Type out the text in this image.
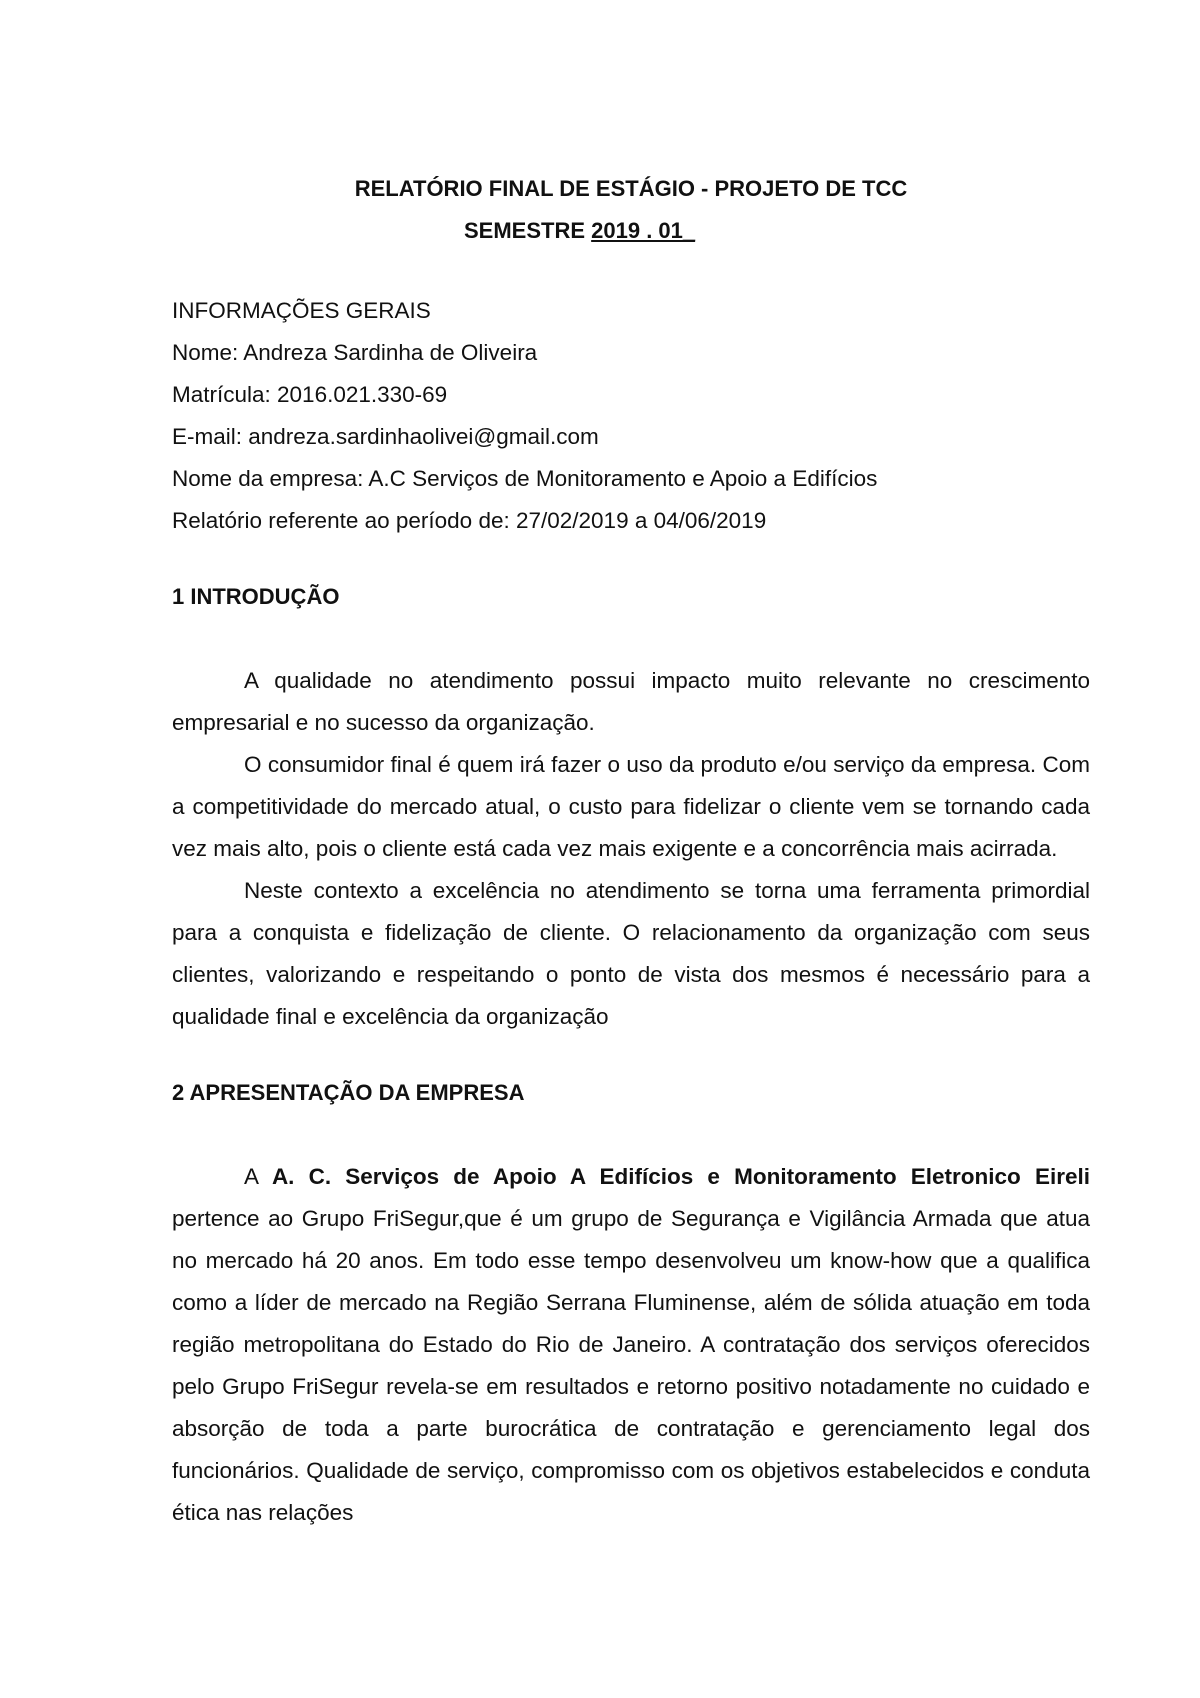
RELATÓRIO FINAL DE ESTÁGIO - PROJETO DE TCC

SEMESTRE 2019 . 01_

INFORMAÇÕES GERAIS

Nome: Andreza Sardinha de Oliveira

Matrícula: 2016.021.330-69

E-mail: andreza.sardinhaolivei@gmail.com

Nome da empresa: A.C Serviços de Monitoramento e Apoio a Edifícios

Relatório referente ao período de: 27/02/2019 a 04/06/2019

1 INTRODUÇÃO

A qualidade no atendimento possui impacto muito relevante no crescimento empresarial e no sucesso da organização.

O consumidor final é quem irá fazer o uso da produto e/ou serviço da empresa. Com a competitividade do mercado atual, o custo para fidelizar o cliente vem se tornando cada vez mais alto, pois o cliente está cada vez mais exigente e a concorrência mais acirrada.

Neste contexto a excelência no atendimento se torna uma ferramenta primordial para a conquista e fidelização de cliente. O relacionamento da organização com seus clientes, valorizando e respeitando o ponto de vista dos mesmos é necessário para a qualidade final e excelência da organização

2 APRESENTAÇÃO DA EMPRESA

A A. C. Serviços de Apoio A Edifícios e Monitoramento Eletronico Eireli pertence ao Grupo FriSegur,que é um grupo de Segurança e Vigilância Armada que atua no mercado há 20 anos. Em todo esse tempo desenvolveu um know-how que a qualifica como a líder de mercado na Região Serrana Fluminense, além de sólida atuação em toda região metropolitana do Estado do Rio de Janeiro. A contratação dos serviços oferecidos pelo Grupo FriSegur revela-se em resultados e retorno positivo notadamente no cuidado e absorção de toda a parte burocrática de contratação e gerenciamento legal dos funcionários. Qualidade de serviço, compromisso com os objetivos estabelecidos e conduta ética nas relações
